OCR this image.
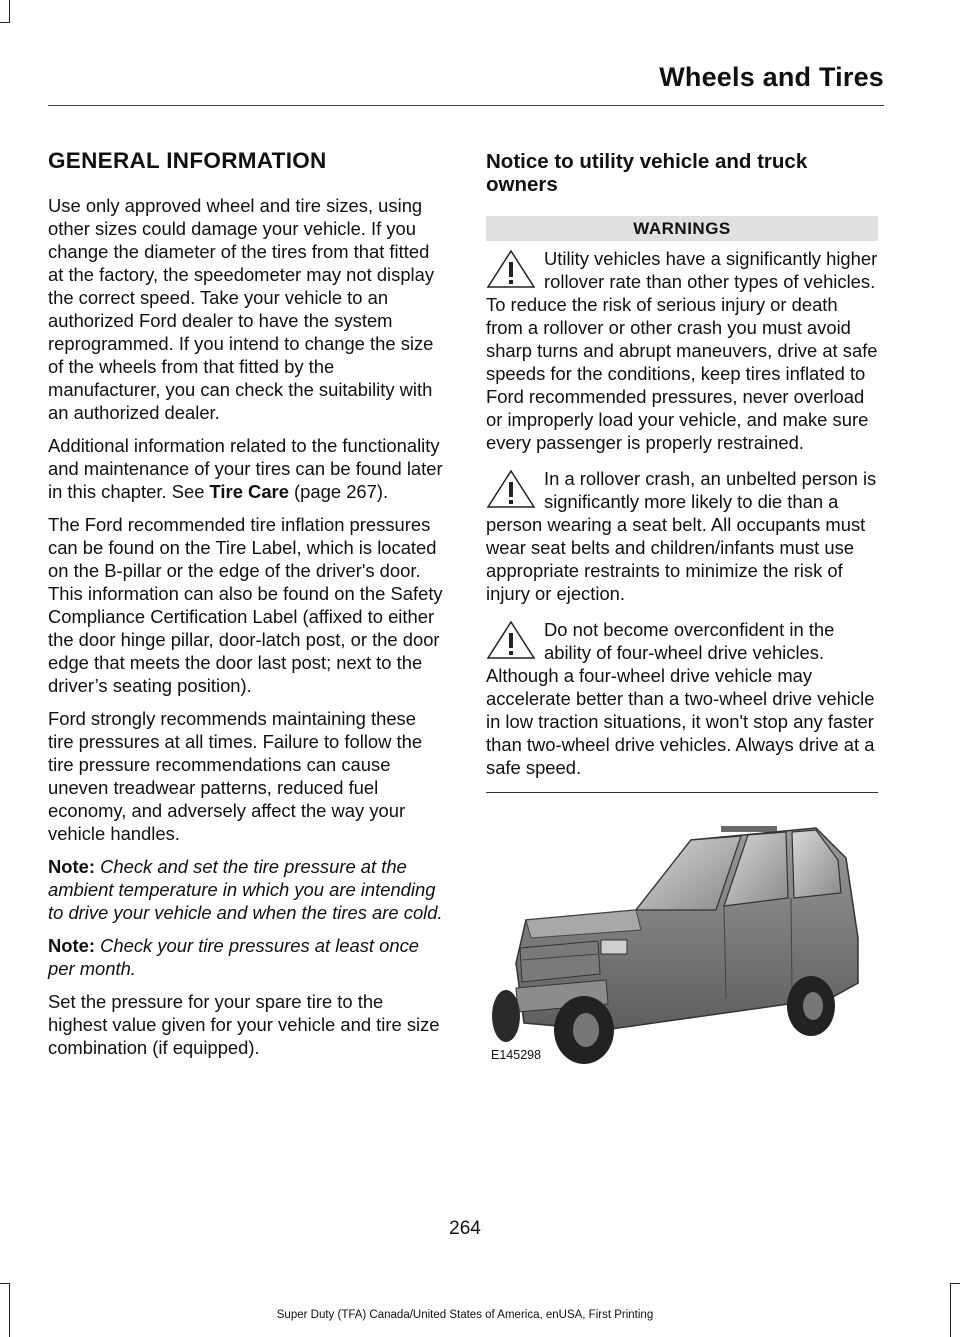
Wheels and Tires
GENERAL INFORMATION

Use only approved wheel and tire sizes, using other sizes could damage your vehicle. If you change the diameter of the tires from that fitted at the factory, the speedometer may not display the correct speed. Take your vehicle to an authorized Ford dealer to have the system reprogrammed. If you intend to change the size of the wheels from that fitted by the manufacturer, you can check the suitability with an authorized dealer.

Additional information related to the functionality and maintenance of your tires can be found later in this chapter. See Tire Care (page 267).

The Ford recommended tire inflation pressures can be found on the Tire Label, which is located on the B-pillar or the edge of the driver's door. This information can also be found on the Safety Compliance Certification Label (affixed to either the door hinge pillar, door-latch post, or the door edge that meets the door last post; next to the driver’s seating position).

Ford strongly recommends maintaining these tire pressures at all times. Failure to follow the tire pressure recommendations can cause uneven treadwear patterns, reduced fuel economy, and adversely affect the way your vehicle handles.

Note: Check and set the tire pressure at the ambient temperature in which you are intending to drive your vehicle and when the tires are cold.

Note: Check your tire pressures at least once per month.

Set the pressure for your spare tire to the highest value given for your vehicle and tire size combination (if equipped).

Notice to utility vehicle and truck owners
WARNINGS
Utility vehicles have a significantly higher rollover rate than other types of vehicles. To reduce the risk of serious injury or death from a rollover or other crash you must avoid sharp turns and abrupt maneuvers, drive at safe speeds for the conditions, keep tires inflated to Ford recommended pressures, never overload or improperly load your vehicle, and make sure every passenger is properly restrained.
In a rollover crash, an unbelted person is significantly more likely to die than a person wearing a seat belt. All occupants must wear seat belts and children/infants must use appropriate restraints to minimize the risk of injury or ejection.
Do not become overconfident in the ability of four-wheel drive vehicles. Although a four-wheel drive vehicle may accelerate better than a two-wheel drive vehicle in low traction situations, it won't stop any faster than two-wheel drive vehicles. Always drive at a safe speed.
E145298
264
Super Duty (TFA) Canada/United States of America, enUSA, First Printing
